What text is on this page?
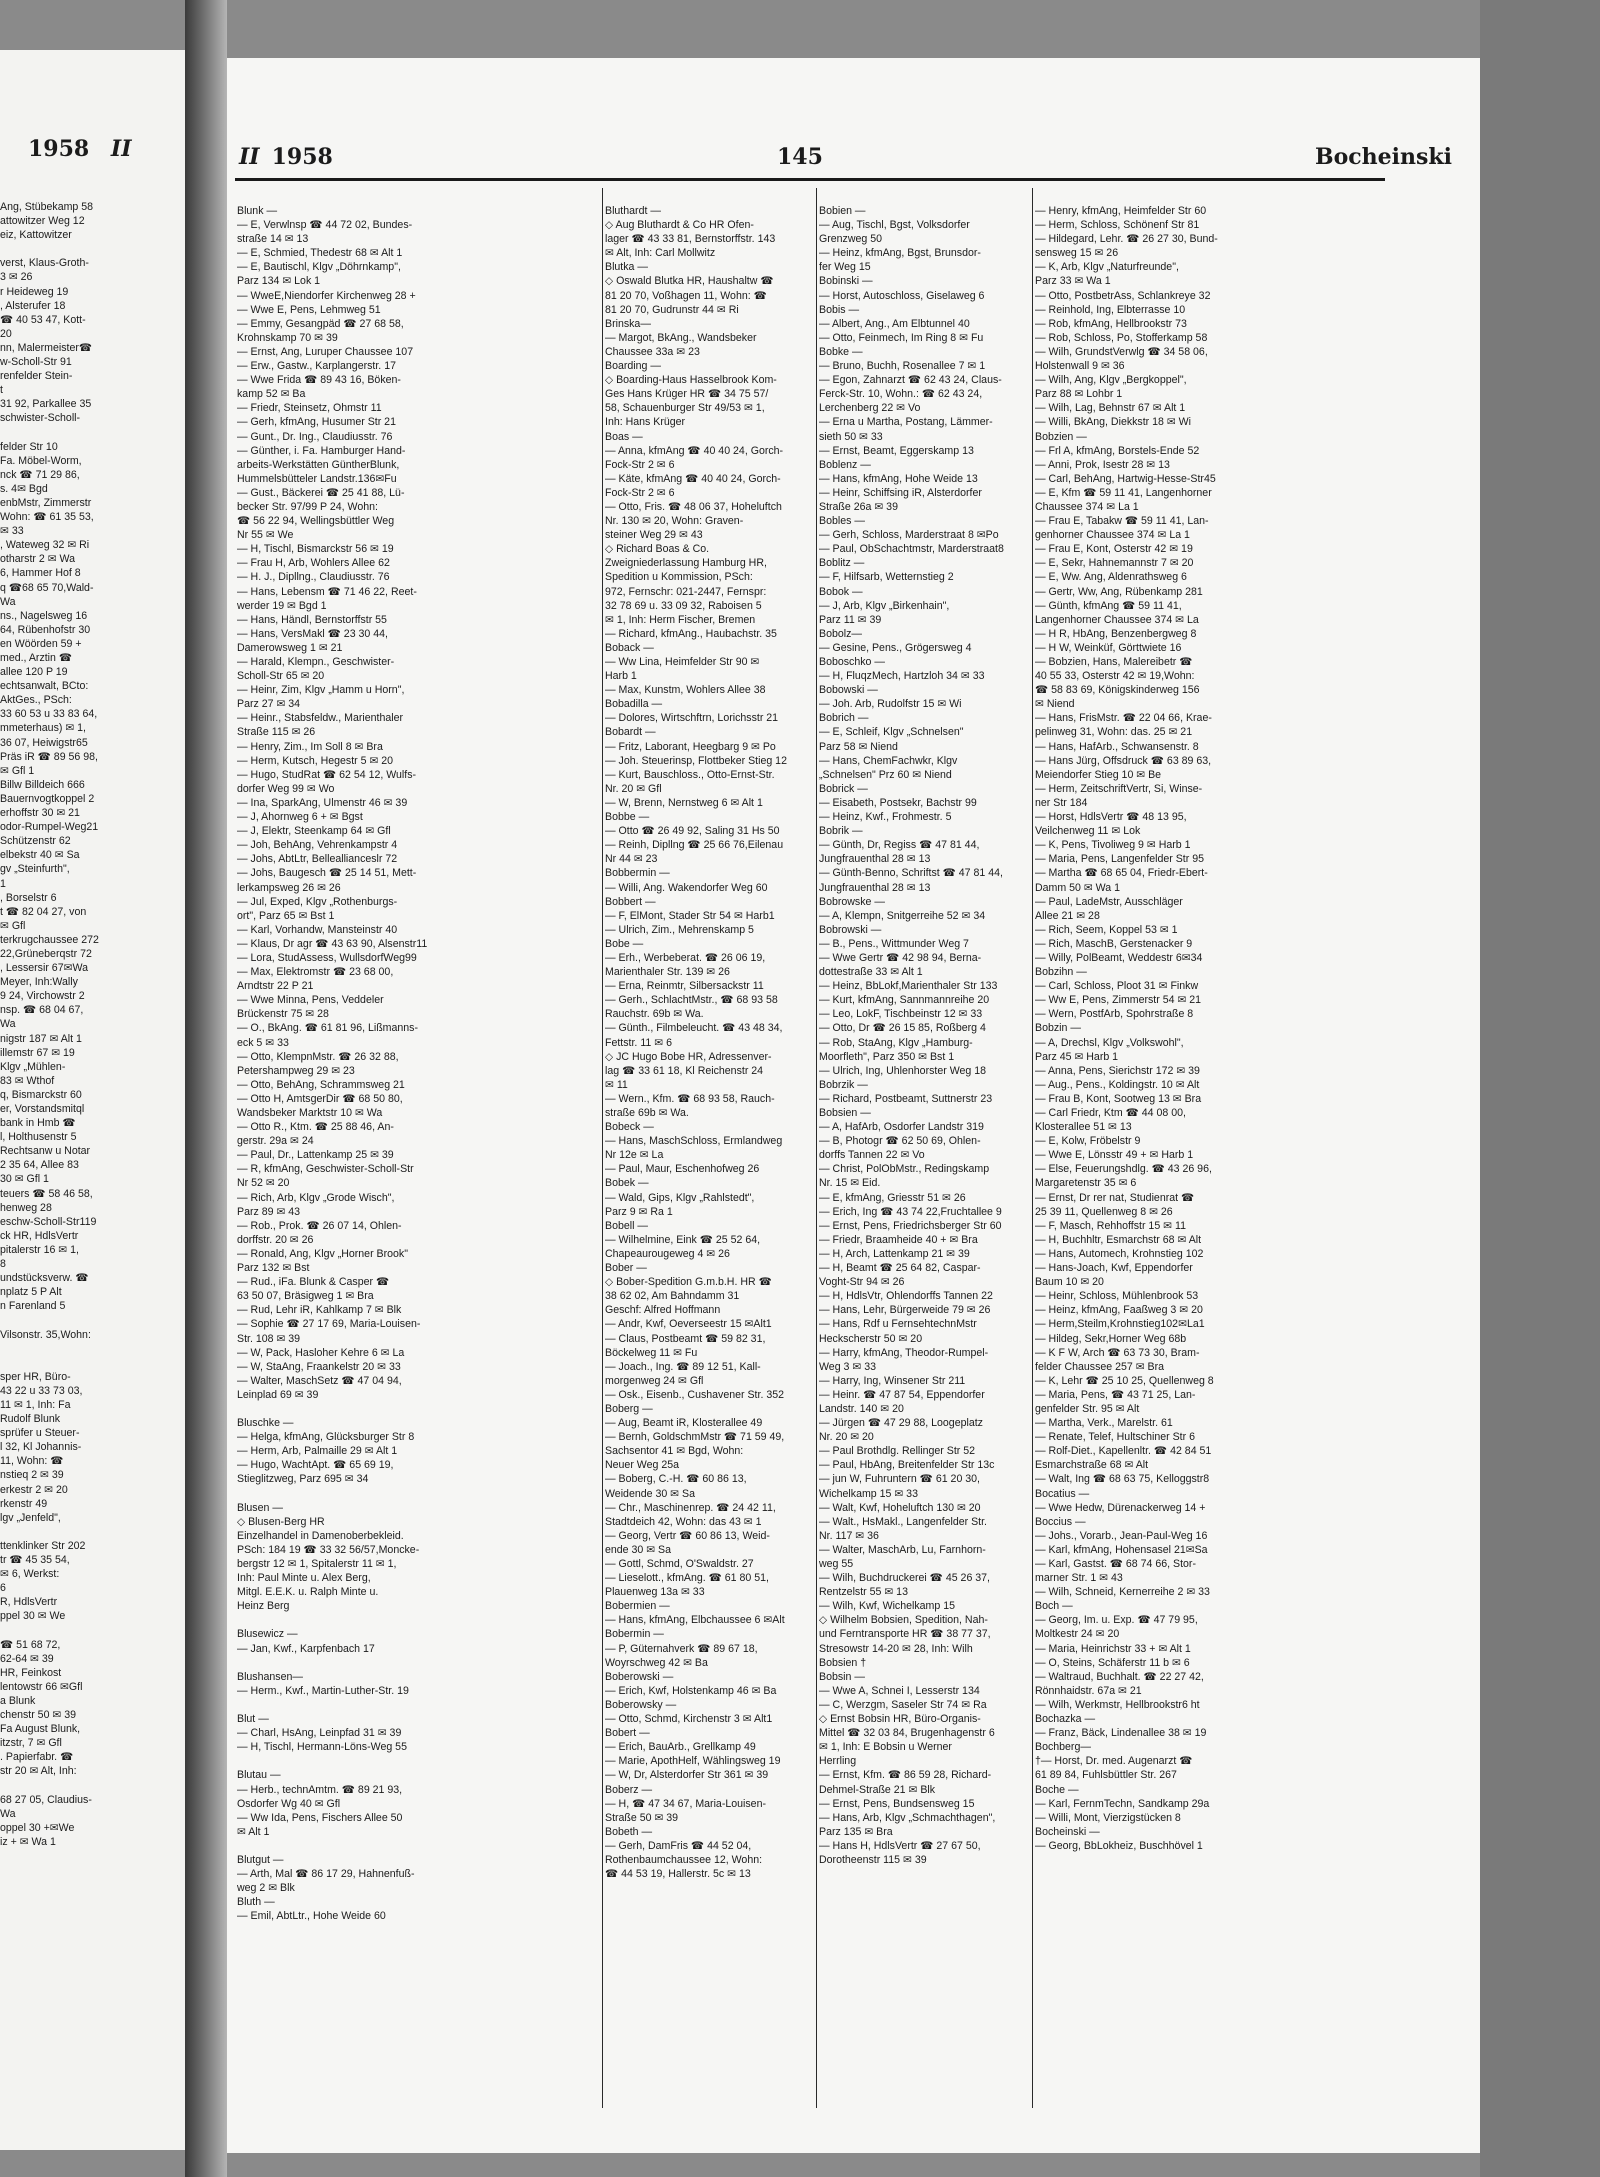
1958 II
Ang, Stübekamp 58
attowitzer Weg 12
eiz, Kattowitzer
verst, Klaus-Groth-
3 ✉ 26
r Heideweg 19
, Alsterufer 18
☎ 40 53 47, Kott-
20
nn, Malermeister☎
w-Scholl-Str 91
renfelder Stein-
t
31 92, Parkallee 35
schwister-Scholl-
felder Str 10
Fa. Möbel-Worm,
nck ☎ 71 29 86,
s. 4✉ Bgd
enbMstr, Zimmerstr
Wohn: ☎ 61 35 53,
✉ 33
, Wateweg 32 ✉ Ri
otharstr 2 ✉ Wa
6, Hammer Hof 8
q ☎68 65 70,Wald-
Wa
ns., Nagelsweg 16
64, Rübenhofstr 30
en Wöörden 59 +
med., Arztin ☎
allee 120 P 19
echtsanwalt, BCto:
AktGes., PSch:
33 60 53 u 33 83 64,
mmeterhaus) ✉ 1,
36 07, Heiwigstr65
Präs iR ☎ 89 56 98,
✉ Gfl 1
Billw Billdeich 666
Bauernvogtkoppel 2
erhoffstr 30 ✉ 21
odor-Rumpel-Weg21
Schützenstr 62
elbekstr 40 ✉ Sa
gv „Steinfurth",
1
, Borselstr 6
t ☎ 82 04 27, von
✉ Gfl
terkrugchaussee 272
22,Grüneberqstr 72
, Lessersir 67✉Wa
Meyer, Inh:Wally
9 24, Virchowstr 2
nsp. ☎ 68 04 67,
Wa
nigstr 187 ✉ Alt 1
illemstr 67 ✉ 19
Klgv „Mühlen-
83 ✉ Wthof
q, Bismarckstr 60
er, Vorstandsmitql
bank in Hmb ☎
l, Holthusenstr 5
Rechtsanw u Notar
2 35 64, Allee 83
30 ✉ Gfl 1
teuers ☎ 58 46 58,
henweg 28
eschw-Scholl-Str119
ck HR, HdlsVertr
pitalerstr 16 ✉ 1,
8
undstücksverw. ☎
nplatz 5 P Alt
n Farenland 5
Vilsonstr. 35,Wohn:
sper HR, Büro-
43 22 u 33 73 03,
11 ✉ 1, Inh: Fa
Rudolf Blunk
sprüfer u Steuer-
l 32, Kl Johannis-
11, Wohn: ☎
nstieq 2 ✉ 39
erkestr 2 ✉ 20
rkenstr 49
lgv „Jenfeld",
ttenklinker Str 202
tr ☎ 45 35 54,
✉ 6, Werkst:
6
R, HdlsVertr
ppel 30 ✉ We
☎ 51 68 72,
62-64 ✉ 39
HR, Feinkost
lentowstr 66 ✉Gfl
a Blunk
chenstr 50 ✉ 39
Fa August Blunk,
itzstr, 7 ✉ Gfl
. Papierfabr. ☎
str 20 ✉ Alt, Inh:
68 27 05, Claudius-
Wa
oppel 30 +✉We
iz + ✉ Wa 1
II 1958	145	Bocheinski
Blunk —
— E, Verwlnsp ☎ 44 72 02, Bundes-
straße 14 ✉ 13
— E, Schmied, Thedestr 68 ✉ Alt 1
— E, Bautischl, Klgv „Döhrnkamp",
Parz 134 ✉ Lok 1
— WweE,Niendorfer Kirchenweg 28 +
— Wwe E, Pens, Lehmweg 51
— Emmy, Gesangpäd ☎ 27 68 58,
Krohnskamp 70 ✉ 39
— Ernst, Ang, Luruper Chaussee 107
— Erw., Gastw., Karplangerstr. 17
— Wwe Frida ☎ 89 43 16, Böken-
kamp 52 ✉ Ba
— Friedr, Steinsetz, Ohmstr 11
— Gerh, kfmAng, Husumer Str 21
— Gunt., Dr. Ing., Claudiusstr. 76
— Günther, i. Fa. Hamburger Hand-
arbeits-Werkstätten GüntherBlunk,
Hummelsbütteler Landstr.136✉Fu
— Gust., Bäckerei ☎ 25 41 88, Lü-
becker Str. 97/99 P 24, Wohn:
☎ 56 22 94, Wellingsbüttler Weg
Nr 55 ✉ We
— H, Tischl, Bismarckstr 56 ✉ 19
— Frau H, Arb, Wohlers Allee 62
— H. J., Dipllng., Claudiusstr. 76
— Hans, Lebensm ☎ 71 46 22, Reet-
werder 19 ✉ Bgd 1
— Hans, Händl, Bernstorffstr 55
— Hans, VersMakl ☎ 23 30 44,
Damerowsweg 1 ✉ 21
— Harald, Klempn., Geschwister-
Scholl-Str 65 ✉ 20
— Heinr, Zim, Klgv „Hamm u Horn",
Parz 27 ✉ 34
— Heinr., Stabsfeldw., Marienthaler
Straße 115 ✉ 26
— Henry, Zim., Im Soll 8 ✉ Bra
— Herm, Kutsch, Hegestr 5 ✉ 20
— Hugo, StudRat ☎ 62 54 12, Wulfs-
dorfer Weg 99 ✉ Wo
— Ina, SparkAng, Ulmenstr 46 ✉ 39
— J, Ahornweg 6 + ✉ Bgst
— J, Elektr, Steenkamp 64 ✉ Gfl
— Joh, BehAng, Vehrenkampstr 4
— Johs, AbtLtr, Belleallianceslr 72
— Johs, Baugesch ☎ 25 14 51, Mett-
lerkampsweg 26 ✉ 26
— Jul, Exped, Klgv „Rothenburgs-
ort", Parz 65 ✉ Bst 1
— Karl, Vorhandw, Mansteinstr 40
— Klaus, Dr agr ☎ 43 63 90, Alsenstr11
— Lora, StudAssess, WullsdorfWeg99
— Max, Elektromstr ☎ 23 68 00,
Arndtstr 22 P 21
— Wwe Minna, Pens, Veddeler
Brückenstr 75 ✉ 28
— O., BkAng. ☎ 61 81 96, Lißmanns-
eck 5 ✉ 33
— Otto, KlempnMstr. ☎ 26 32 88,
Petershampweg 29 ✉ 23
— Otto, BehAng, Schrammsweg 21
— Otto H, AmtsgerDir ☎ 68 50 80,
Wandsbeker Marktstr 10 ✉ Wa
— Otto R., Ktm. ☎ 25 88 46, An-
gerstr. 29a ✉ 24
— Paul, Dr., Lattenkamp 25 ✉ 39
— R, kfmAng, Geschwister-Scholl-Str
Nr 52 ✉ 20
— Rich, Arb, Klgv „Grode Wisch",
Parz 89 ✉ 43
— Rob., Prok. ☎ 26 07 14, Ohlen-
dorffstr. 20 ✉ 26
— Ronald, Ang, Klgv „Horner Brook"
Parz 132 ✉ Bst
— Rud., iFa. Blunk & Casper ☎
63 50 07, Bräsigweg 1 ✉ Bra
— Rud, Lehr iR, Kahlkamp 7 ✉ Blk
— Sophie ☎ 27 17 69, Maria-Louisen-
Str. 108 ✉ 39
— W, Pack, Hasloher Kehre 6 ✉ La
— W, StaAng, Fraankelstr 20 ✉ 33
— Walter, MaschSetz ☎ 47 04 94,
Leinplad 69 ✉ 39
Bluschke —
— Helga, kfmAng, Glücksburger Str 8
— Herm, Arb, Palmaille 29 ✉ Alt 1
— Hugo, WachtApt. ☎ 65 69 19,
Stieglitzweg, Parz 695 ✉ 34
Blusen —
◇ Blusen-Berg HR
Einzelhandel in Damenoberbekleid.
PSch: 184 19 ☎ 33 32 56/57,Moncke-
bergstr 12 ✉ 1, Spitalerstr 11 ✉ 1,
Inh: Paul Minte u. Alex Berg,
Mitgl. E.E.K. u. Ralph Minte u.
Heinz Berg
Blusewicz —
— Jan, Kwf., Karpfenbach 17
Blushansen—
— Herm., Kwf., Martin-Luther-Str. 19
Blut —
— Charl, HsAng, Leinpfad 31 ✉ 39
— H, Tischl, Hermann-Löns-Weg 55
Blutau —
— Herb., technAmtm. ☎ 89 21 93,
Osdorfer Wg 40 ✉ Gfl
— Ww Ida, Pens, Fischers Allee 50
✉ Alt 1
Blutgut —
— Arth, Mal ☎ 86 17 29, Hahnenfuß-
weg 2 ✉ Blk
Bluth —
— Emil, AbtLtr., Hohe Weide 60
Bluthardt —
◇ Aug Bluthardt & Co HR Ofen-
lager ☎ 43 33 81, Bernstorffstr. 143
✉ Alt, Inh: Carl Mollwitz
Blutka —
◇ Oswald Blutka HR, Haushaltw ☎
81 20 70, Voßhagen 11, Wohn: ☎
81 20 70, Gudrunstr 44 ✉ Ri
Brinska—
— Margot, BkAng., Wandsbeker
Chaussee 33a ✉ 23
Boarding —
◇ Boarding-Haus Hasselbrook Kom-
Ges Hans Krüger HR ☎ 34 75 57/
58, Schauenburger Str 49/53 ✉ 1,
Inh: Hans Krüger
Boas —
— Anna, kfmAng ☎ 40 40 24, Gorch-
Fock-Str 2 ✉ 6
— Käte, kfmAng ☎ 40 40 24, Gorch-
Fock-Str 2 ✉ 6
— Otto, Fris. ☎ 48 06 37, Hoheluftch
Nr. 130 ✉ 20, Wohn: Graven-
steiner Weg 29 ✉ 43
◇ Richard Boas & Co.
Zweigniederlassung Hamburg HR,
Spedition u Kommission, PSch:
972, Fernschr: 021-2447, Fernspr:
32 78 69 u. 33 09 32, Raboisen 5
✉ 1, Inh: Herm Fischer, Bremen
— Richard, kfmAng., Haubachstr. 35
Boback —
— Ww Lina, Heimfelder Str 90 ✉
Harb 1
— Max, Kunstm, Wohlers Allee 38
Bobadilla —
— Dolores, Wirtschftrn, Lorichsstr 21
Bobardt —
— Fritz, Laborant, Heegbarg 9 ✉ Po
— Joh. Steuerinsp, Flottbeker Stieg 12
— Kurt, Bauschloss., Otto-Ernst-Str.
Nr. 20 ✉ Gfl
— W, Brenn, Nernstweg 6 ✉ Alt 1
Bobbe —
— Otto ☎ 26 49 92, Saling 31 Hs 50
— Reinh, Dipllng ☎ 25 66 76,Eilenau
Nr 44 ✉ 23
Bobbermin —
— Willi, Ang. Wakendorfer Weg 60
Bobbert —
— F, ElMont, Stader Str 54 ✉ Harb1
— Ulrich, Zim., Mehrenskamp 5
Bobe —
— Erh., Werbeberat. ☎ 26 06 19,
Marienthaler Str. 139 ✉ 26
— Erna, Reinmtr, Silbersackstr 11
— Gerh., SchlachtMstr., ☎ 68 93 58
Rauchstr. 69b ✉ Wa.
— Günth., Filmbeleucht. ☎ 43 48 34,
Fettstr. 11 ✉ 6
◇ JC Hugo Bobe HR, Adressenver-
lag ☎ 33 61 18, Kl Reichenstr 24
✉ 11
— Wern., Kfm. ☎ 68 93 58, Rauch-
straße 69b ✉ Wa.
Bobeck —
— Hans, MaschSchloss, Ermlandweg
Nr 12e ✉ La
— Paul, Maur, Eschenhofweg 26
Bobek —
— Wald, Gips, Klgv „Rahlstedt",
Parz 9 ✉ Ra 1
Bobell —
— Wilhelmine, Eink ☎ 25 52 64,
Chapeaurougeweg 4 ✉ 26
Bober —
◇ Bober-Spedition G.m.b.H. HR ☎
38 62 02, Am Bahndamm 31
Geschf: Alfred Hoffmann
— Andr, Kwf, Oeverseestr 15 ✉Alt1
— Claus, Postbeamt ☎ 59 82 31,
Böckelweg 11 ✉ Fu
— Joach., Ing. ☎ 89 12 51, Kall-
morgenweg 24 ✉ Gfl
— Osk., Eisenb., Cushavener Str. 352
Boberg —
— Aug, Beamt iR, Klosterallee 49
— Bernh, GoldschmMstr ☎ 71 59 49,
Sachsentor 41 ✉ Bgd, Wohn:
Neuer Weg 25a
— Boberg, C.-H. ☎ 60 86 13,
Weidende 30 ✉ Sa
— Chr., Maschinenrep. ☎ 24 42 11,
Stadtdeich 42, Wohn: das 43 ✉ 1
— Georg, Vertr ☎ 60 86 13, Weid-
ende 30 ✉ Sa
— Gottl, Schmd, O'Swaldstr. 27
— Lieselott., kfmAng. ☎ 61 80 51,
Plauenweg 13a ✉ 33
Bobermien —
— Hans, kfmAng, Elbchaussee 6 ✉Alt
Bobermin —
— P, Güternahverk ☎ 89 67 18,
Woyrschweg 42 ✉ Ba
Boberowski —
— Erich, Kwf, Holstenkamp 46 ✉ Ba
Boberowsky —
— Otto, Schmd, Kirchenstr 3 ✉ Alt1
Bobert —
— Erich, BauArb., Grellkamp 49
— Marie, ApothHelf, Wählingsweg 19
— W, Dr, Alsterdorfer Str 361 ✉ 39
Boberz —
— H, ☎ 47 34 67, Maria-Louisen-
Straße 50 ✉ 39
Bobeth —
— Gerh, DamFris ☎ 44 52 04,
Rothenbaumchaussee 12, Wohn:
☎ 44 53 19, Hallerstr. 5c ✉ 13
Bobien —
— Aug, Tischl, Bgst, Volksdorfer
Grenzweg 50
— Heinz, kfmAng, Bgst, Brunsdor-
fer Weg 15
Bobinski —
— Horst, Autoschloss, Giselaweg 6
Bobis —
— Albert, Ang., Am Elbtunnel 40
— Otto, Feinmech, Im Ring 8 ✉ Fu
Bobke —
— Bruno, Buchh, Rosenallee 7 ✉ 1
— Egon, Zahnarzt ☎ 62 43 24, Claus-
Ferck-Str. 10, Wohn.: ☎ 62 43 24,
Lerchenberg 22 ✉ Vo
— Erna u Martha, Postang, Lämmer-
sieth 50 ✉ 33
— Ernst, Beamt, Eggerskamp 13
Boblenz —
— Hans, kfmAng, Hohe Weide 13
— Heinr, Schiffsing iR, Alsterdorfer
Straße 26a ✉ 39
Bobles —
— Gerh, Schloss, Marderstraat 8 ✉Po
— Paul, ObSchachtmstr, Marderstraat8
Boblitz —
— F, Hilfsarb, Wetternstieg 2
Bobok —
— J, Arb, Klgv „Birkenhain",
Parz 11 ✉ 39
Bobolz—
— Gesine, Pens., Grögersweg 4
Boboschko —
— H, FluqzMech, Hartzloh 34 ✉ 33
Bobowski —
— Joh. Arb, Rudolfstr 15 ✉ Wi
Bobrich —
— E, Schleif, Klgv „Schnelsen"
Parz 58 ✉ Niend
— Hans, ChemFachwkr, Klgv
„Schnelsen" Prz 60 ✉ Niend
Bobrick —
— Eisabeth, Postsekr, Bachstr 99
— Heinz, Kwf., Frohmestr. 5
Bobrik —
— Günth, Dr, Regiss ☎ 47 81 44,
Jungfrauenthal 28 ✉ 13
— Günth-Benno, Schriftst ☎ 47 81 44,
Jungfrauenthal 28 ✉ 13
Bobrowske —
— A, Klempn, Snitgerreihe 52 ✉ 34
Bobrowski —
— B., Pens., Wittmunder Weg 7
— Wwe Gertr ☎ 42 98 94, Berna-
dottestraße 33 ✉ Alt 1
— Heinz, BbLokf,Marienthaler Str 133
— Kurt, kfmAng, Sannmannreihe 20
— Leo, LokF, Tischbeinstr 12 ✉ 33
— Otto, Dr ☎ 26 15 85, Roßberg 4
— Rob, StaAng, Klgv „Hamburg-
Moorfleth", Parz 350 ✉ Bst 1
— Ulrich, Ing, Uhlenhorster Weg 18
Bobrzik —
— Richard, Postbeamt, Suttnerstr 23
Bobsien —
— A, HafArb, Osdorfer Landstr 319
— B, Photogr ☎ 62 50 69, Ohlen-
dorffs Tannen 22 ✉ Vo
— Christ, PolObMstr., Redingskamp
Nr. 15 ✉ Eid.
— E, kfmAng, Griesstr 51 ✉ 26
— Erich, Ing ☎ 43 74 22,Fruchtallee 9
— Ernst, Pens, Friedrichsberger Str 60
— Friedr, Braamheide 40 + ✉ Bra
— H, Arch, Lattenkamp 21 ✉ 39
— H, Beamt ☎ 25 64 82, Caspar-
Voght-Str 94 ✉ 26
— H, HdlsVtr, Ohlendorffs Tannen 22
— Hans, Lehr, Bürgerweide 79 ✉ 26
— Hans, Rdf u FernsehtechnMstr
Heckscherstr 50 ✉ 20
— Harry, kfmAng, Theodor-Rumpel-
Weg 3 ✉ 33
— Harry, Ing, Winsener Str 211
— Heinr. ☎ 47 87 54, Eppendorfer
Landstr. 140 ✉ 20
— Jürgen ☎ 47 29 88, Loogeplatz
Nr. 20 ✉ 20
— Paul Brothdlg. Rellinger Str 52
— Paul, HbAng, Breitenfelder Str 13c
— jun W, Fuhruntern ☎ 61 20 30,
Wichelkamp 15 ✉ 33
— Walt, Kwf, Hoheluftch 130 ✉ 20
— Walt., HsMakl., Langenfelder Str.
Nr. 117 ✉ 36
— Walter, MaschArb, Lu, Farnhorn-
weg 55
— Wilh, Buchdruckerei ☎ 45 26 37,
Rentzelstr 55 ✉ 13
— Wilh, Kwf, Wichelkamp 15
◇ Wilhelm Bobsien, Spedition, Nah-
und Ferntransporte HR ☎ 38 77 37,
Stresowstr 14-20 ✉ 28, Inh: Wilh
Bobsien †
Bobsin —
— Wwe A, Schnei I, Lesserstr 134
— C, Werzgm, Saseler Str 74 ✉ Ra
◇ Ernst Bobsin HR, Büro-Organis-
Mittel ☎ 32 03 84, Brugenhagenstr 6
✉ 1, Inh: E Bobsin u Werner
Herrling
— Ernst, Kfm. ☎ 86 59 28, Richard-
Dehmel-Straße 21 ✉ Blk
— Ernst, Pens, Bundsensweg 15
— Hans, Arb, Klgv „Schmachthagen",
Parz 135 ✉ Bra
— Hans H, HdlsVertr ☎ 27 67 50,
Dorotheenstr 115 ✉ 39
— Henry, kfmAng, Heimfelder Str 60
— Herm, Schloss, Schönenf Str 81
— Hildegard, Lehr. ☎ 26 27 30, Bund-
sensweg 15 ✉ 26
— K, Arb, Klgv „Naturfreunde",
Parz 33 ✉ Wa 1
— Otto, PostbetrAss, Schlankreye 32
— Reinhold, Ing, Elbterrasse 10
— Rob, kfmAng, Hellbrookstr 73
— Rob, Schloss, Po, Stofferkamp 58
— Wilh, GrundstVerwlg ☎ 34 58 06,
Holstenwall 9 ✉ 36
— Wilh, Ang, Klgv „Bergkoppel",
Parz 88 ✉ Lohbr 1
— Wilh, Lag, Behnstr 67 ✉ Alt 1
— Willi, BkAng, Diekkstr 18 ✉ Wi
Bobzien —
— Frl A, kfmAng, Borstels-Ende 52
— Anni, Prok, Isestr 28 ✉ 13
— Carl, BehAng, Hartwig-Hesse-Str45
— E, Kfm ☎ 59 11 41, Langenhorner
Chaussee 374 ✉ La 1
— Frau E, Tabakw ☎ 59 11 41, Lan-
genhorner Chaussee 374 ✉ La 1
— Frau E, Kont, Osterstr 42 ✉ 19
— E, Sekr, Hahnemannstr 7 ✉ 20
— E, Ww. Ang, Aldenrathsweg 6
— Gertr, Ww, Ang, Rübenkamp 281
— Günth, kfmAng ☎ 59 11 41,
Langenhorner Chaussee 374 ✉ La
— H R, HbAng, Benzenbergweg 8
— H W, Weinküf, Görttwiete 16
— Bobzien, Hans, Malereibetr ☎
40 55 33, Osterstr 42 ✉ 19,Wohn:
☎ 58 83 69, Königskinderweg 156
✉ Niend
— Hans, FrisMstr. ☎ 22 04 66, Krae-
pelinweg 31, Wohn: das. 25 ✉ 21
— Hans, HafArb., Schwansenstr. 8
— Hans Jürg, Offsdruck ☎ 63 89 63,
Meiendorfer Stieg 10 ✉ Be
— Herm, ZeitschriftVertr, Si, Winse-
ner Str 184
— Horst, HdlsVertr ☎ 48 13 95,
Veilchenweg 11 ✉ Lok
— K, Pens, Tivoliweg 9 ✉ Harb 1
— Maria, Pens, Langenfelder Str 95
— Martha ☎ 68 65 04, Friedr-Ebert-
Damm 50 ✉ Wa 1
— Paul, LadeMstr, Ausschläger
Allee 21 ✉ 28
— Rich, Seem, Koppel 53 ✉ 1
— Rich, MaschB, Gerstenacker 9
— Willy, PolBeamt, Weddestr 6✉34
Bobzihn —
— Carl, Schloss, Ploot 31 ✉ Finkw
— Ww E, Pens, Zimmerstr 54 ✉ 21
— Wern, PostfArb, Spohrstraße 8
Bobzin —
— A, Drechsl, Klgv „Volkswohl",
Parz 45 ✉ Harb 1
— Anna, Pens, Sierichstr 172 ✉ 39
— Aug., Pens., Koldingstr. 10 ✉ Alt
— Frau B, Kont, Sootweg 13 ✉ Bra
— Carl Friedr, Ktm ☎ 44 08 00,
Klosterallee 51 ✉ 13
— E, Kolw, Fröbelstr 9
— Wwe E, Lönsstr 49 + ✉ Harb 1
— Else, Feuerungshdlg. ☎ 43 26 96,
Margaretenstr 35 ✉ 6
— Ernst, Dr rer nat, Studienrat ☎
25 39 11, Quellenweg 8 ✉ 26
— F, Masch, Rehhoffstr 15 ✉ 11
— H, Buchhltr, Esmarchstr 68 ✉ Alt
— Hans, Automech, Krohnstieg 102
— Hans-Joach, Kwf, Eppendorfer
Baum 10 ✉ 20
— Heinr, Schloss, Mühlenbrook 53
— Heinz, kfmAng, Faaßweg 3 ✉ 20
— Herm,Steilm,Krohnstieg102✉La1
— Hildeg, Sekr,Horner Weg 68b
— K F W, Arch ☎ 63 73 30, Bram-
felder Chaussee 257 ✉ Bra
— K, Lehr ☎ 25 10 25, Quellenweg 8
— Maria, Pens, ☎ 43 71 25, Lan-
genfelder Str. 95 ✉ Alt
— Martha, Verk., Marelstr. 61
— Renate, Telef, Hultschiner Str 6
— Rolf-Diet., Kapellenltr. ☎ 42 84 51
Esmarchstraße 68 ✉ Alt
— Walt, Ing ☎ 68 63 75, Kelloggstr8
Bocatius —
— Wwe Hedw, Dürenackerweg 14 +
Boccius —
— Johs., Vorarb., Jean-Paul-Weg 16
— Karl, kfmAng, Hohensasel 21✉Sa
— Karl, Gastst. ☎ 68 74 66, Stor-
marner Str. 1 ✉ 43
— Wilh, Schneid, Kernerreihe 2 ✉ 33
Boch —
— Georg, Im. u. Exp. ☎ 47 79 95,
Moltkestr 24 ✉ 20
— Maria, Heinrichstr 33 + ✉ Alt 1
— O, Steins, Schäferstr 11 b ✉ 6
— Waltraud, Buchhalt. ☎ 22 27 42,
Rönnhaidstr. 67a ✉ 21
— Wilh, Werkmstr, Hellbrookstr6 ht
Bochazka —
— Franz, Bäck, Lindenallee 38 ✉ 19
Bochberg—
†— Horst, Dr. med. Augenarzt ☎
61 89 84, Fuhlsbüttler Str. 267
Boche —
— Karl, FernmTechn, Sandkamp 29a
— Willi, Mont, Vierzigstücken 8
Bocheinski —
— Georg, BbLokheiz, Buschhövel 1
